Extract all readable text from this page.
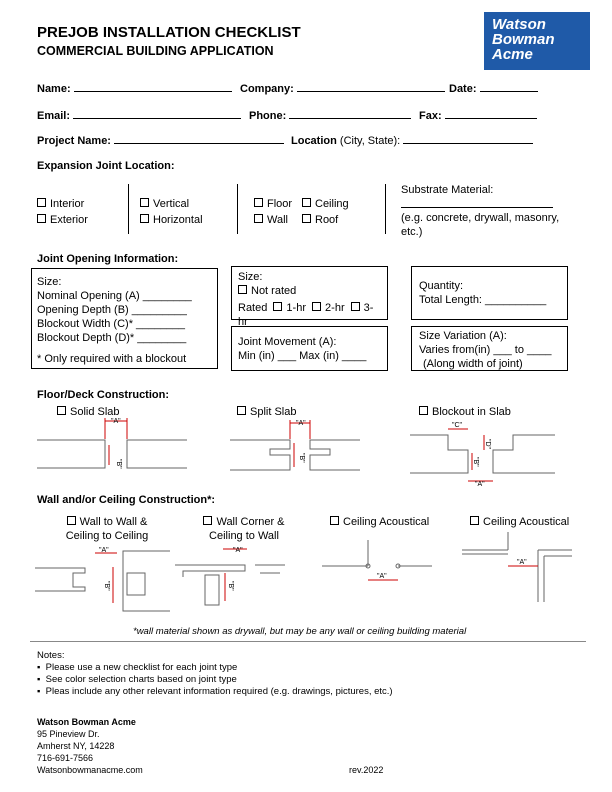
PREJOB INSTALLATION CHECKLIST
COMMERCIAL BUILDING APPLICATION
Watson
Bowman
Acme
Name:	Company:	Date:
Email:	Phone:	Fax:
Project Name:	Location (City, State):
Expansion Joint Location:
Interior
Exterior
Vertical
Horizontal
Floor	Ceiling
Wall	Roof
Substrate Material:
(e.g. concrete, drywall, masonry, etc.)
Joint Opening Information:
Size:
Nominal Opening (A) ________
Opening Depth (B) _________
Blockout Width (C)* ________
Blockout Depth (D)* ________
* Only required with a blockout
Size:
Not rated
Rated 1-hr 2-hr 3-hr
Joint Movement (A):
Min (in) ___ Max (in) ____
Quantity:
Total Length: __________
Size Variation (A):
Varies from(in) ___ to ____
(Along width of joint)
Floor/Deck Construction:
Solid Slab	Split Slab	Blockout in Slab
"A"
"B"
"A"
"B"
"C"
"D"
"B"
"A"
Wall and/or Ceiling Construction*:
Wall to Wall &
Ceiling to Ceiling
Wall Corner &
Ceiling to Wall
Ceiling Acoustical	Ceiling Acoustical
"A"
"B"
"A"
"B"
"A"
"A"
*wall material shown as drywall, but may be any wall or ceiling building material
Notes:
▪  Please use a new checklist for each joint type
▪  See color selection charts based on joint type
▪  Pleas include any other relevant information required (e.g. drawings, pictures, etc.)
Watson Bowman Acme
95 Pineview Dr.
Amherst NY, 14228
716-691-7566
Watsonbowmanacme.com	rev.2022
